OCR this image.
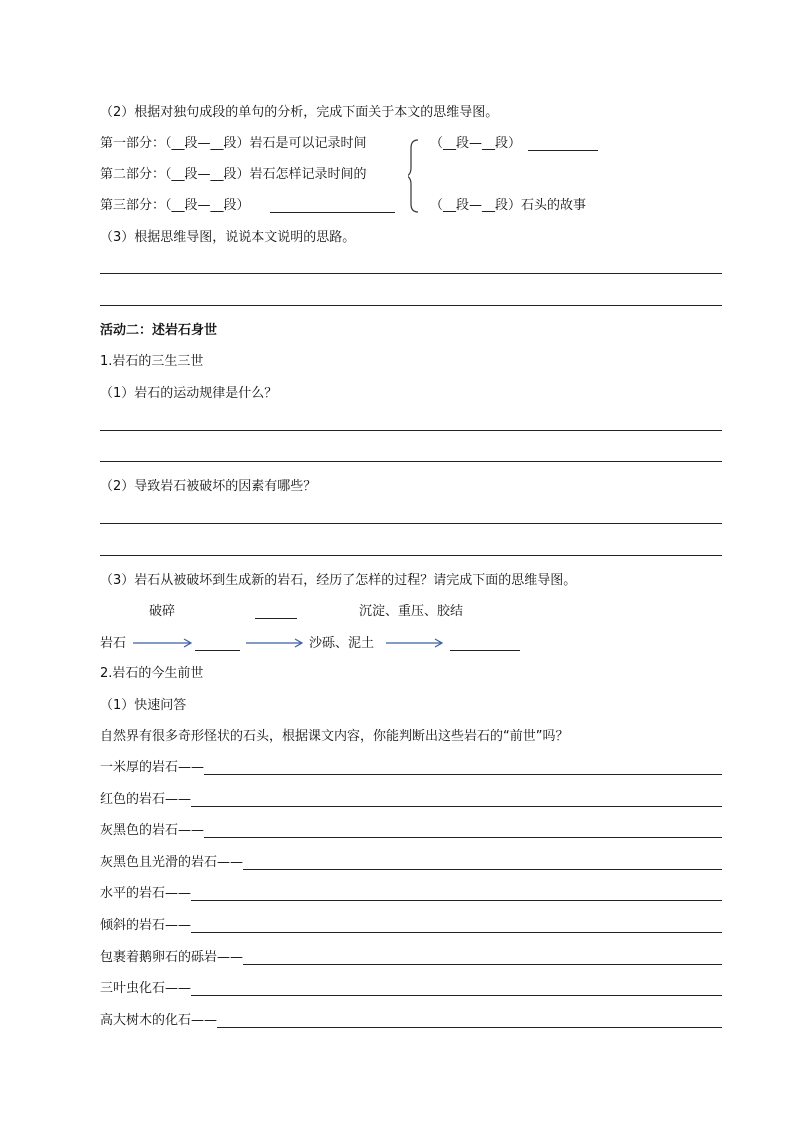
（2）根据对独句成段的单句的分析，完成下面关于本文的思维导图。
第一部分：（__段—__段）岩石是可以记录时间
第二部分：（__段—__段）岩石怎样记录时间的
第三部分：（__段—__段）
（__段—__段）
（__段—__段）石头的故事
（3）根据思维导图，说说本文说明的思路。
活动二：述岩石身世
1.岩石的三生三世
（1）岩石的运动规律是什么？
（2）导致岩石被破坏的因素有哪些？
（3）岩石从被破坏到生成新的岩石，经历了怎样的过程？请完成下面的思维导图。
破碎	沉淀、重压、胶结
岩石	沙砾、泥土
2.岩石的今生前世
（1）快速问答
自然界有很多奇形怪状的石头，根据课文内容，你能判断出这些岩石的“前世”吗？
一米厚的岩石——
红色的岩石——
灰黑色的岩石——
灰黑色且光滑的岩石——
水平的岩石——
倾斜的岩石——
包裹着鹅卵石的砾岩——
三叶虫化石——
高大树木的化石——
